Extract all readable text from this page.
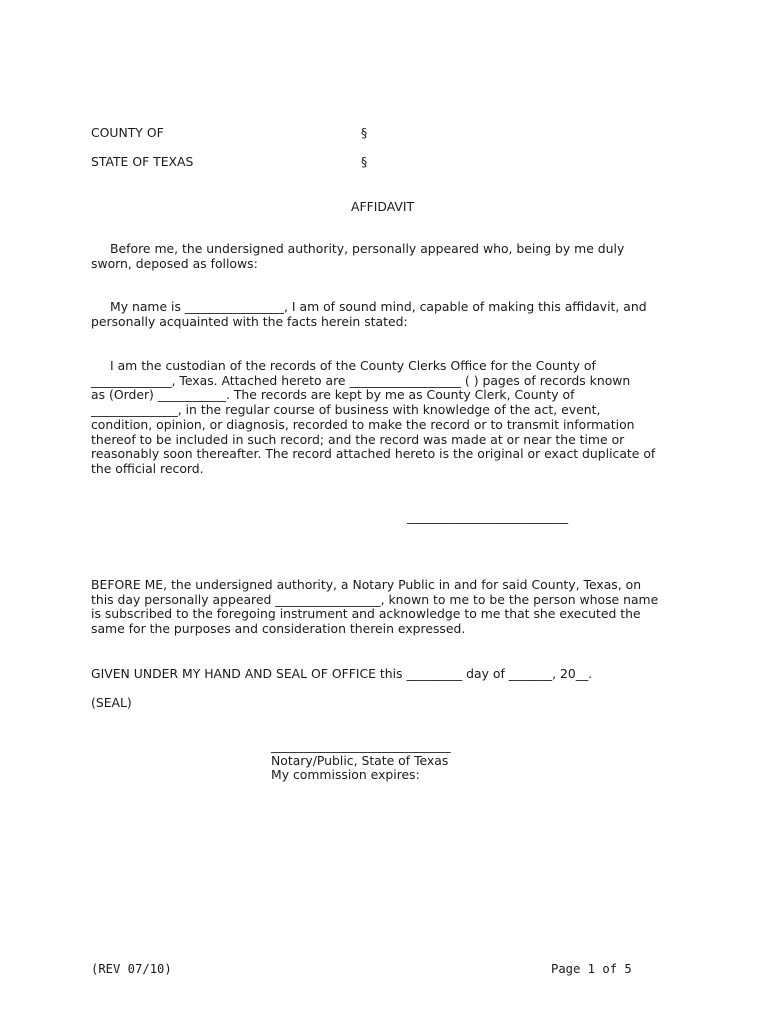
COUNTY OF	§
STATE OF TEXAS	§
AFFIDAVIT
Before me, the undersigned authority, personally appeared who, being by me duly
sworn, deposed as follows:
My name is ________________, I am of sound mind, capable of making this affidavit, and
personally acquainted with the facts herein stated:
I am the custodian of the records of the County Clerks Office for the County of
_____________, Texas. Attached hereto are __________________ ( ) pages of records known
as (Order) ___________. The records are kept by me as County Clerk, County of
______________, in the regular course of business with knowledge of the act, event,
condition, opinion, or diagnosis, recorded to make the record or to transmit information
thereof to be included in such record; and the record was made at or near the time or
reasonably soon thereafter. The record attached hereto is the original or exact duplicate of
the official record.
__________________________
BEFORE ME, the undersigned authority, a Notary Public in and for said County, Texas, on
this day personally appeared _________________, known to me to be the person whose name
is subscribed to the foregoing instrument and acknowledge to me that she executed the
same for the purposes and consideration therein expressed.
GIVEN UNDER MY HAND AND SEAL OF OFFICE this _________ day of _______, 20__.
(SEAL)
_____________________________
Notary/Public, State of Texas
My commission expires:
(REV 07/10)	Page 1 of 5
